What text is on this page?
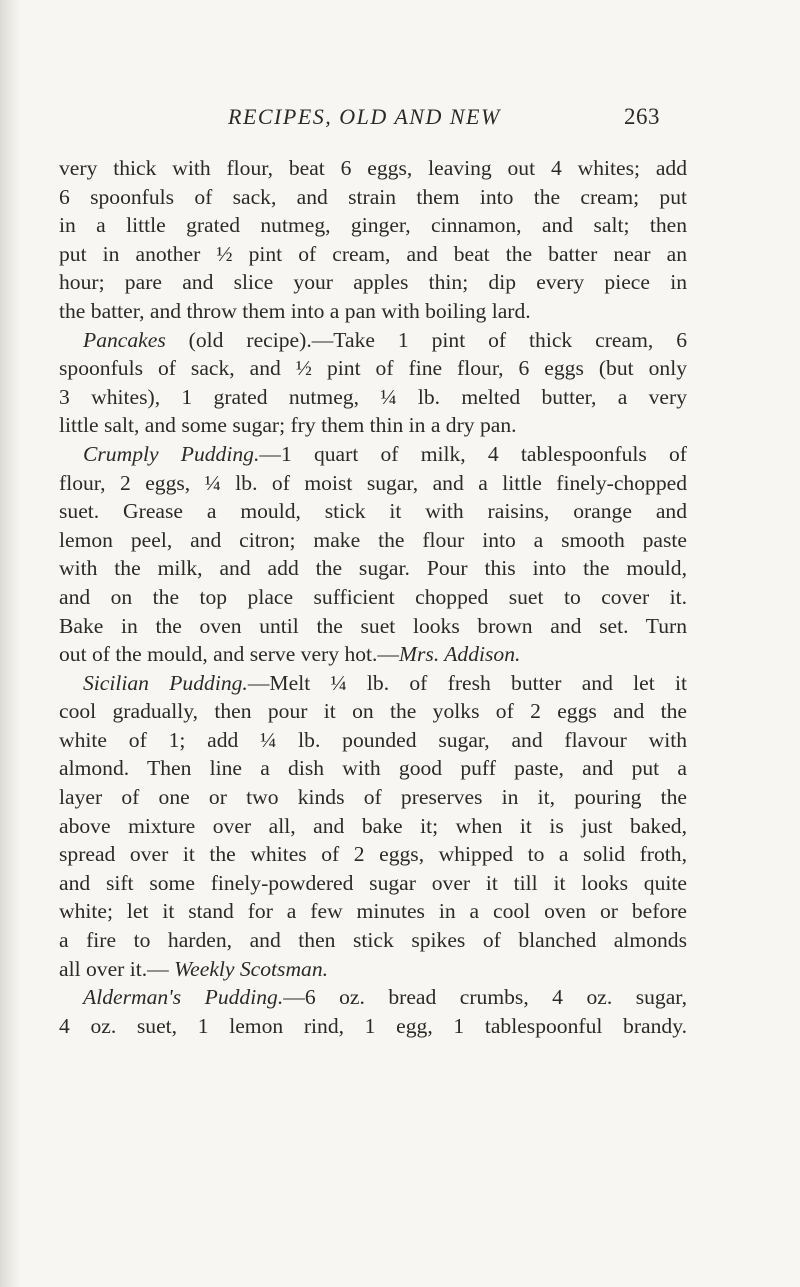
RECIPES, OLD AND NEW	263
very thick with flour, beat 6 eggs, leaving out 4 whites; add
6 spoonfuls of sack, and strain them into the cream; put
in a little grated nutmeg, ginger, cinnamon, and salt; then
put in another ½ pint of cream, and beat the batter near an
hour; pare and slice your apples thin; dip every piece in
the batter, and throw them into a pan with boiling lard.
Pancakes (old recipe).—Take 1 pint of thick cream, 6
spoonfuls of sack, and ½ pint of fine flour, 6 eggs (but only
3 whites), 1 grated nutmeg, ¼ lb. melted butter, a very
little salt, and some sugar; fry them thin in a dry pan.
Crumply Pudding.—1 quart of milk, 4 tablespoonfuls of
flour, 2 eggs, ¼ lb. of moist sugar, and a little finely-chopped
suet. Grease a mould, stick it with raisins, orange and
lemon peel, and citron; make the flour into a smooth paste
with the milk, and add the sugar. Pour this into the mould,
and on the top place sufficient chopped suet to cover it.
Bake in the oven until the suet looks brown and set. Turn
out of the mould, and serve very hot.—Mrs. Addison.
Sicilian Pudding.—Melt ¼ lb. of fresh butter and let it
cool gradually, then pour it on the yolks of 2 eggs and the
white of 1; add ¼ lb. pounded sugar, and flavour with
almond. Then line a dish with good puff paste, and put a
layer of one or two kinds of preserves in it, pouring the
above mixture over all, and bake it; when it is just baked,
spread over it the whites of 2 eggs, whipped to a solid froth,
and sift some finely-powdered sugar over it till it looks quite
white; let it stand for a few minutes in a cool oven or before
a fire to harden, and then stick spikes of blanched almonds
all over it.— Weekly Scotsman.
Alderman's Pudding.—6 oz. bread crumbs, 4 oz. sugar,
4 oz. suet, 1 lemon rind, 1 egg, 1 tablespoonful brandy.
